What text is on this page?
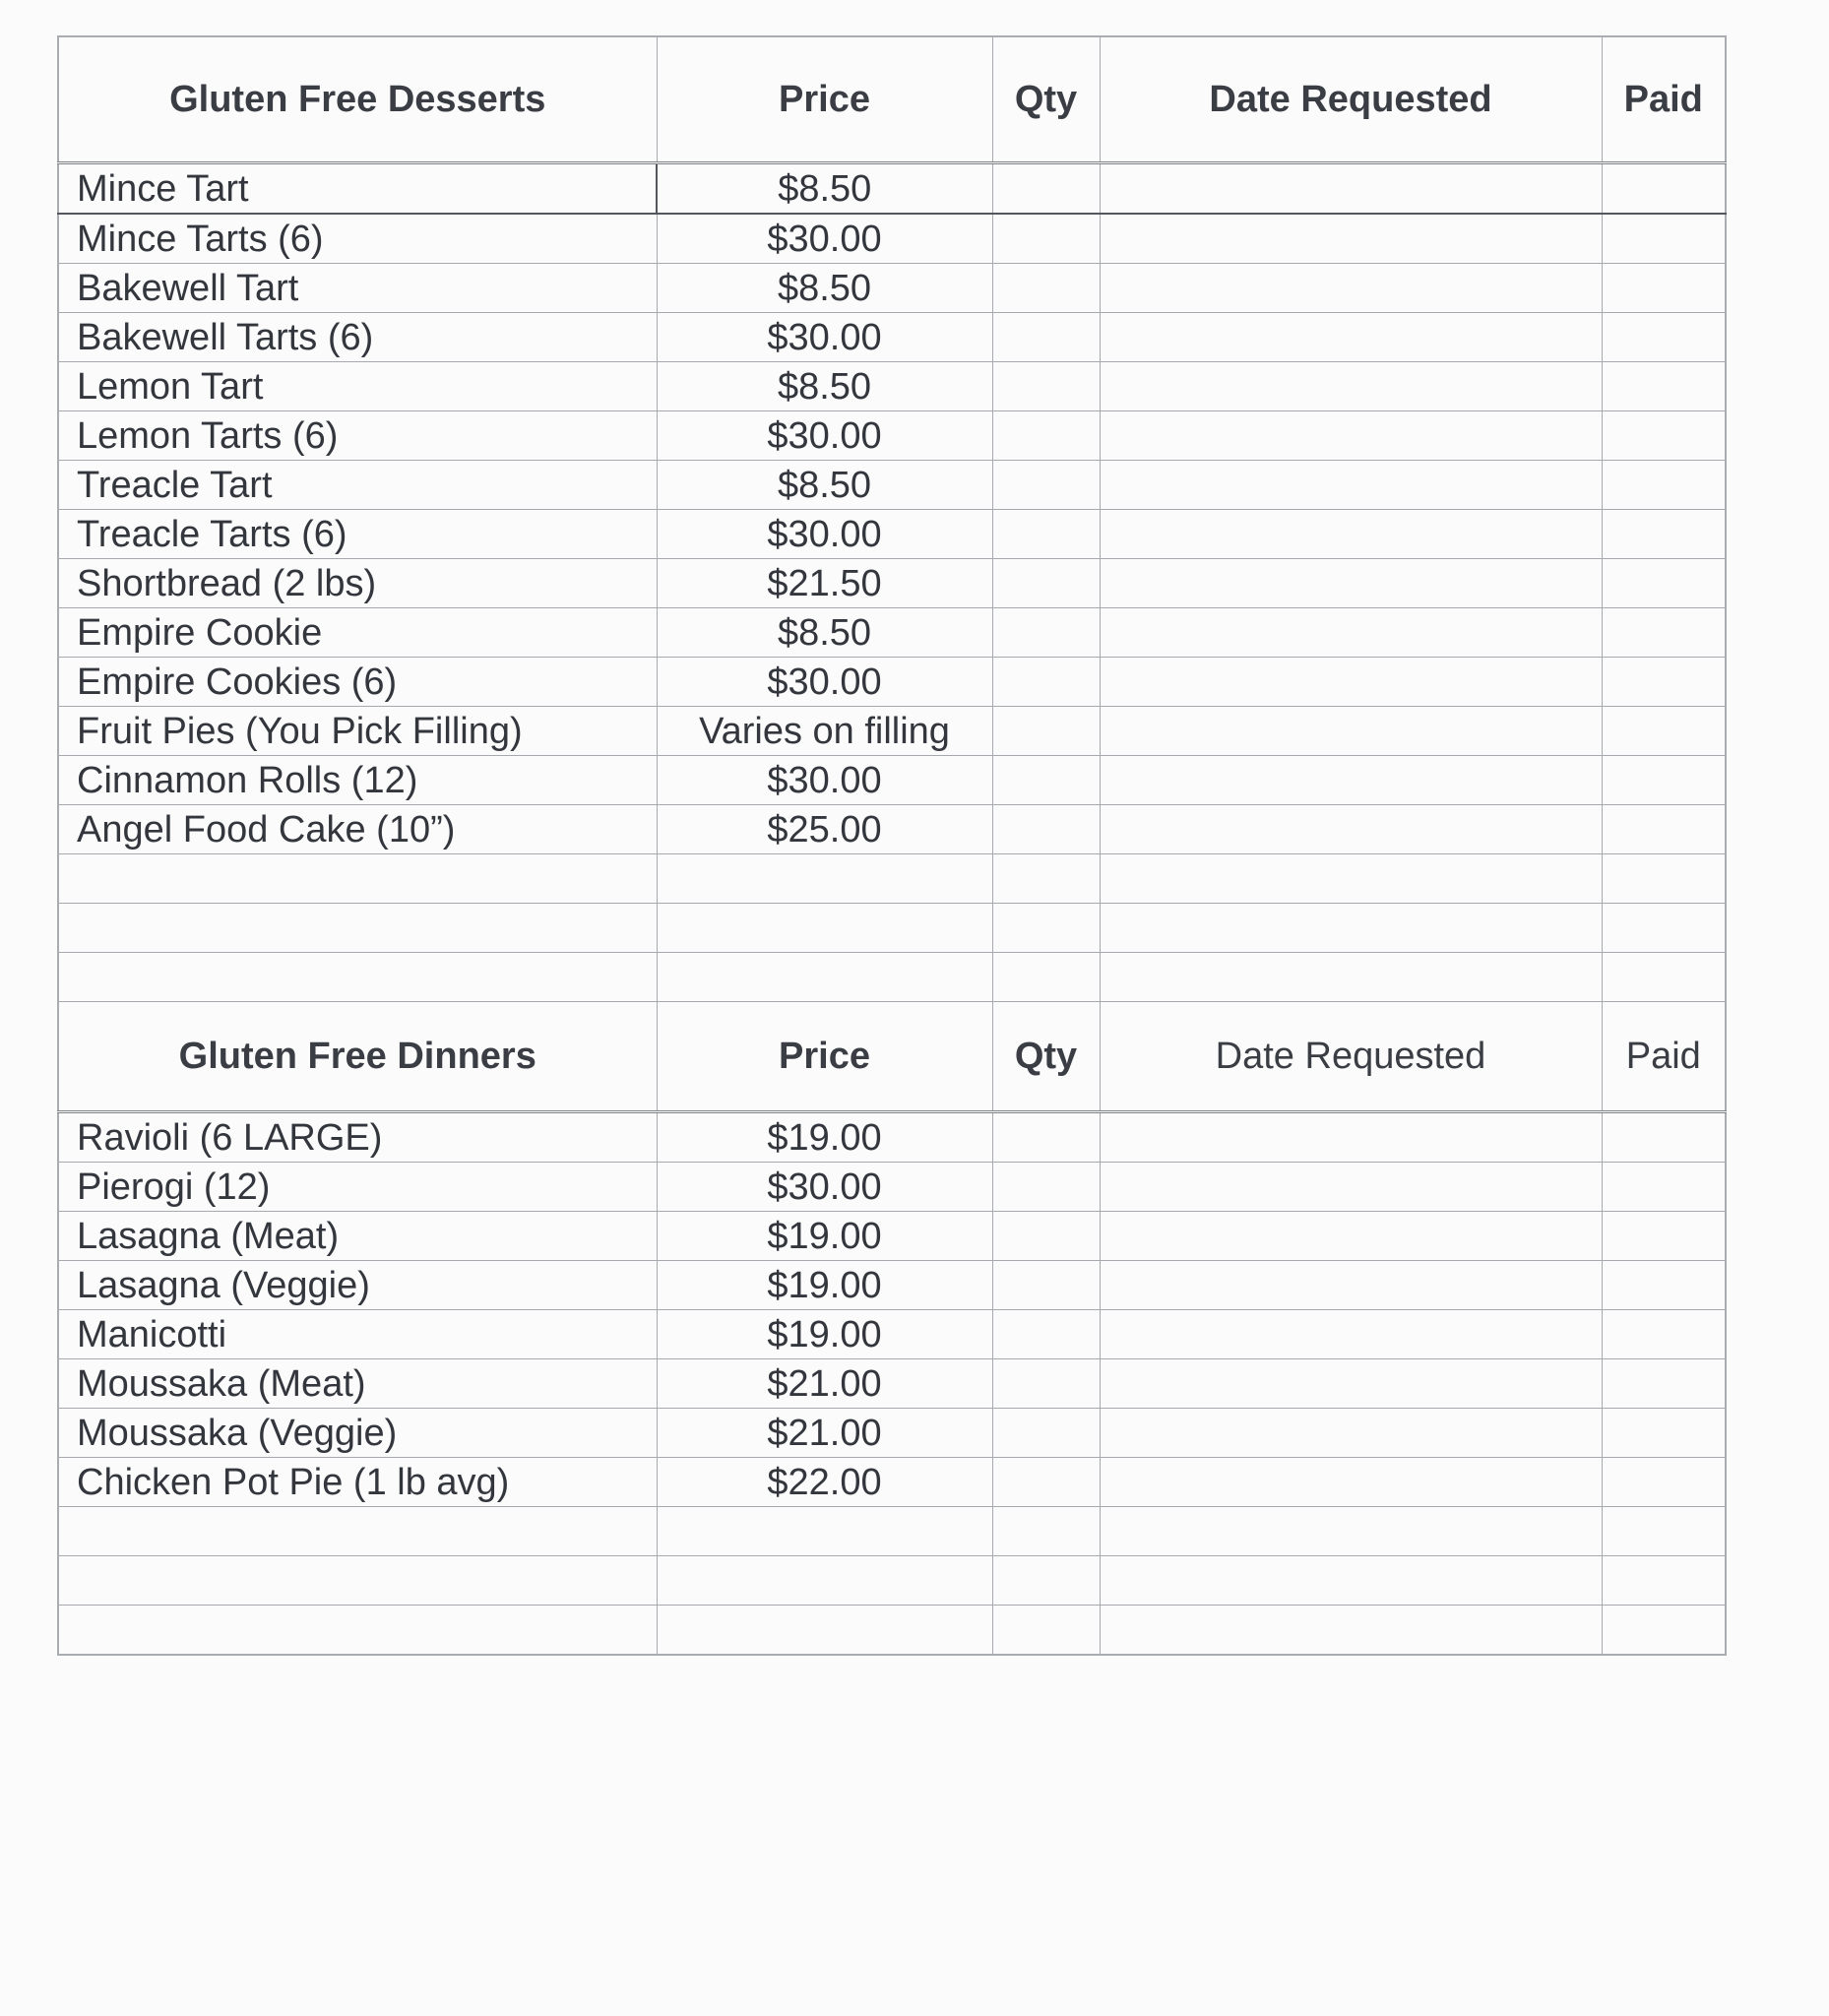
Gluten Free Desserts	Price	Qty	Date Requested	Paid
Mince Tart	$8.50			
Mince Tarts (6)	$30.00			
Bakewell Tart	$8.50			
Bakewell Tarts (6)	$30.00			
Lemon Tart	$8.50			
Lemon Tarts (6)	$30.00			
Treacle Tart	$8.50			
Treacle Tarts (6)	$30.00			
Shortbread (2 lbs)	$21.50			
Empire Cookie	$8.50			
Empire Cookies (6)	$30.00			
Fruit Pies (You Pick Filling)	Varies on filling			
Cinnamon Rolls (12)	$30.00			
Angel Food Cake (10”)	$25.00			

Gluten Free Dinners	Price	Qty	Date Requested	Paid
Ravioli (6 LARGE)	$19.00			
Pierogi (12)	$30.00			
Lasagna (Meat)	$19.00			
Lasagna (Veggie)	$19.00			
Manicotti	$19.00			
Moussaka (Meat)	$21.00			
Moussaka (Veggie)	$21.00			
Chicken Pot Pie (1 lb avg)	$22.00			
